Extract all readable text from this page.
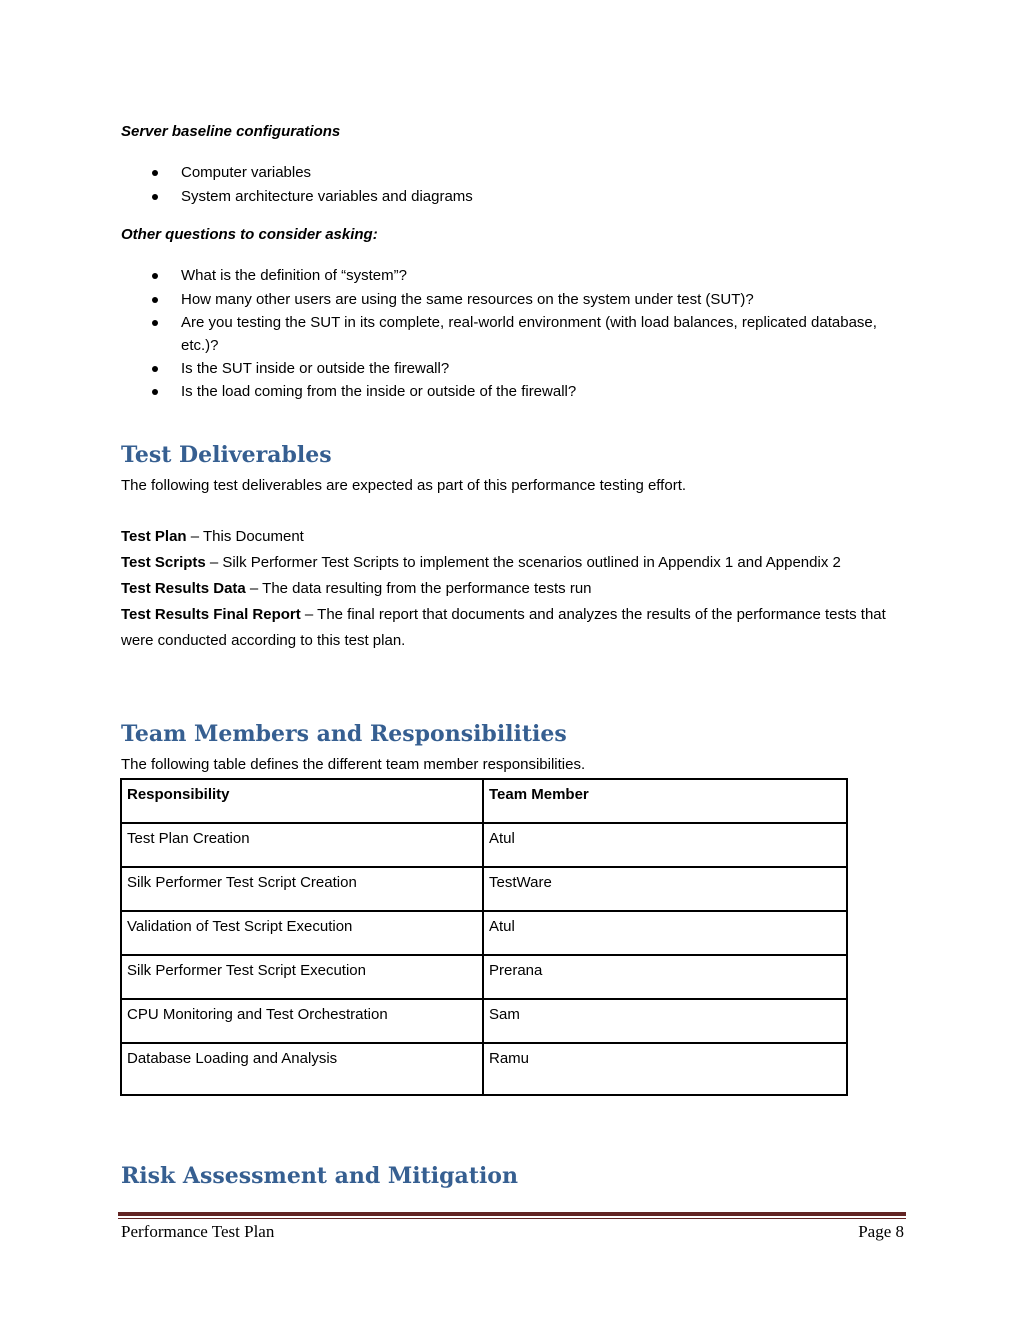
Server baseline configurations
Computer variables
System architecture variables and diagrams
Other questions to consider asking:
What is the definition of “system”?
How many other users are using the same resources on the system under test (SUT)?
Are you testing the SUT in its complete, real-world environment (with load balances, replicated database, etc.)?
Is the SUT inside or outside the firewall?
Is the load coming from the inside or outside of the firewall?
Test Deliverables
The following test deliverables are expected as part of this performance testing effort.
Test Plan – This Document
Test Scripts – Silk Performer Test Scripts to implement the scenarios outlined in Appendix 1 and Appendix 2
Test Results Data – The data resulting from the performance tests run
Test Results Final Report – The final report that documents and analyzes the results of the performance tests that were conducted according to this test plan.
Team Members and Responsibilities
The following table defines the different team member responsibilities.
Responsibility	Team Member
Test Plan Creation	Atul
Silk Performer Test Script Creation	TestWare
Validation of Test Script Execution	Atul
Silk Performer Test Script Execution	Prerana
CPU Monitoring and Test Orchestration	Sam
Database Loading and Analysis	Ramu
Risk Assessment and Mitigation
Performance Test Plan	Page 8
